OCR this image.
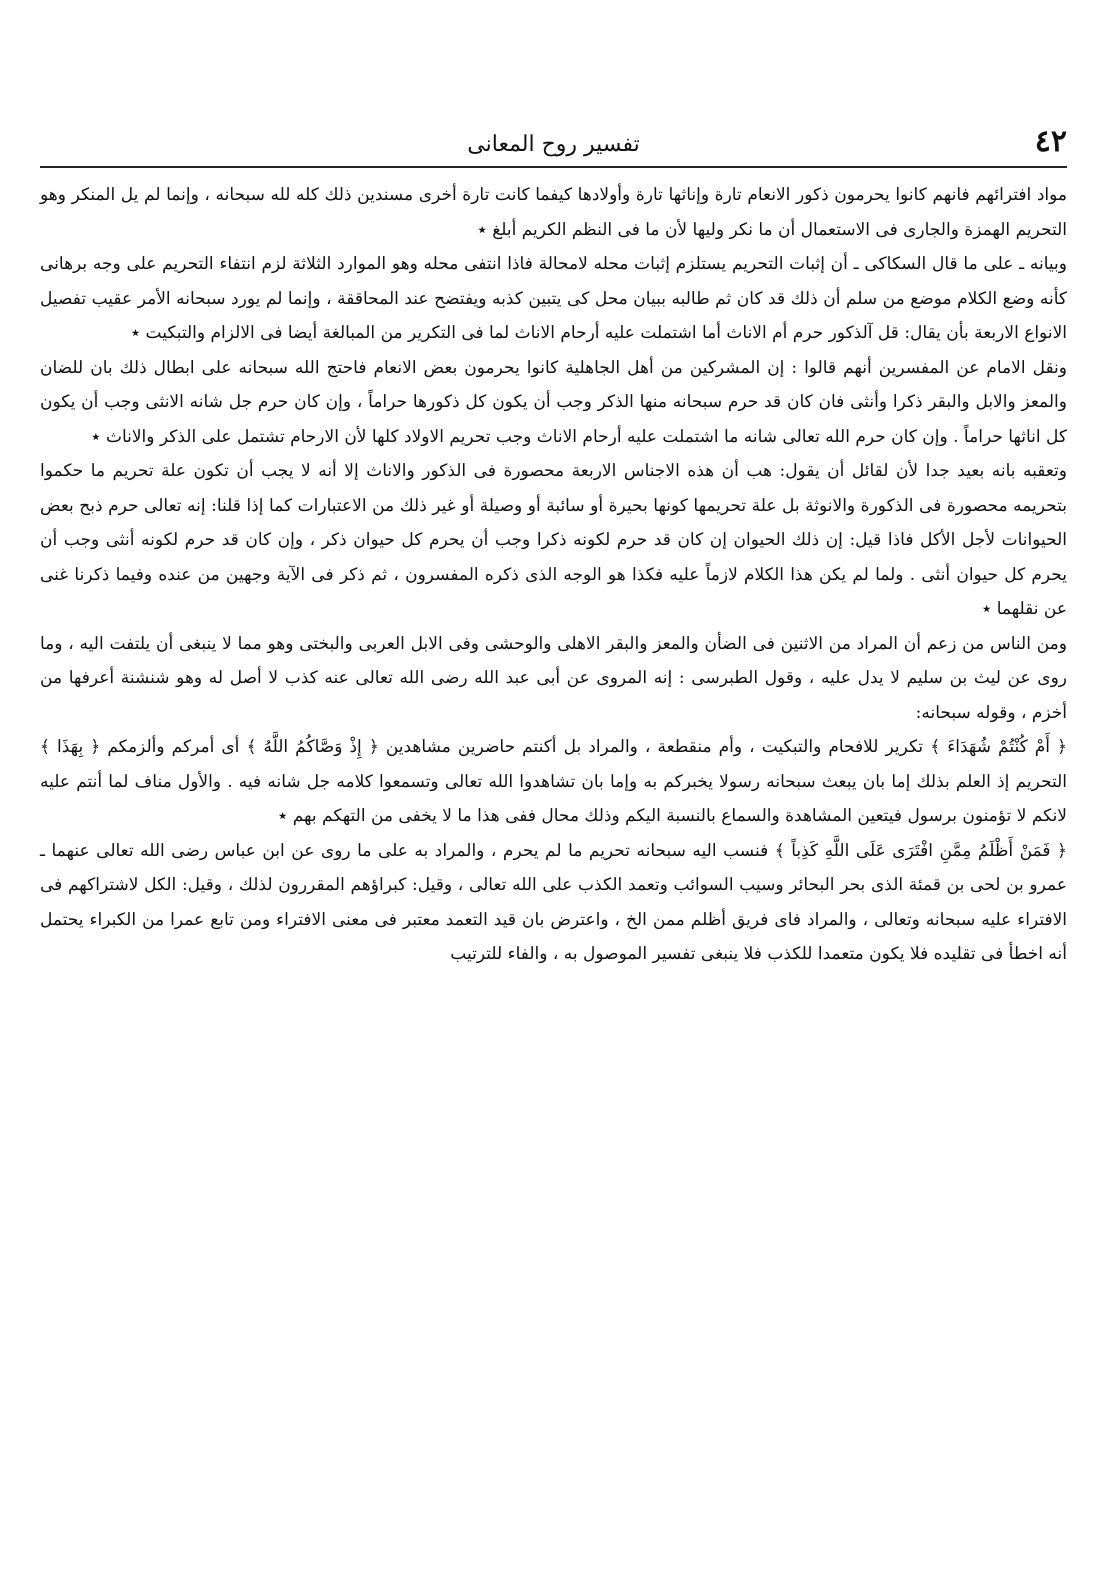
٤٢
تفسير روح المعانى

مواد افترائهم فانهم كانوا يحرمون ذكور الانعام تارة وإناثها تارة وأولادها كيفما كانت تارة أخرى مسندين ذلك كله لله سبحانه ، وإنما لم يل المنكر وهو التحريم الهمزة والجارى فى الاستعمال أن ما نكر وليها لأن ما فى النظم الكريم أبلغ ٭

وبيانه ـ على ما قال السكاكى ـ أن إثبات التحريم يستلزم إثبات محله لامحالة فاذا انتفى محله وهو الموارد الثلاثة لزم انتفاء التحريم على وجه برهانى كأنه وضع الكلام موضع من سلم أن ذلك قد كان ثم طالبه ببيان محل كى يتبين كذبه ويفتضح عند المحاققة ، وإنما لم يورد سبحانه الأمر عقيب تفصيل الانواع الاربعة بأن يقال: قل آلذكور حرم أم الاناث أما اشتملت عليه أرحام الاناث لما فى التكرير من المبالغة أيضا فى الالزام والتبكيت ٭

ونقل الامام عن المفسرين أنهم قالوا : إن المشركين من أهل الجاهلية كانوا يحرمون بعض الانعام فاحتج الله سبحانه على ابطال ذلك بان للضان والمعز والابل والبقر ذكرا وأنثى فان كان قد حرم سبحانه منها الذكر وجب أن يكون كل ذكورها حراماً ، وإن كان حرم جل شانه الانثى وجب أن يكون كل اناثها حراماً . وإن كان حرم الله تعالى شانه ما اشتملت عليه أرحام الاناث وجب تحريم الاولاد كلها لأن الارحام تشتمل على الذكر والاناث ٭

وتعقبه بانه بعيد جدا لأن لقائل أن يقول: هب أن هذه الاجناس الاربعة محصورة فى الذكور والاناث إلا أنه لا يجب أن تكون علة تحريم ما حكموا بتحريمه محصورة فى الذكورة والانوثة بل علة تحريمها كونها بحيرة أو سائبة أو وصيلة أو غير ذلك من الاعتبارات كما إذا قلنا: إنه تعالى حرم ذبح بعض الحيوانات لأجل الأكل فاذا قيل: إن ذلك الحيوان إن كان قد حرم لكونه ذكرا وجب أن يحرم كل حيوان ذكر ، وإن كان قد حرم لكونه أنثى وجب أن يحرم كل حيوان أنثى . ولما لم يكن هذا الكلام لازماً عليه فكذا هو الوجه الذى ذكره المفسرون ، ثم ذكر فى الآية وجهين من عنده وفيما ذكرنا غنى عن نقلهما ٭

ومن الناس من زعم أن المراد من الاثنين فى الضأن والمعز والبقر الاهلى والوحشى وفى الابل العربى والبختى وهو مما لا ينبغى أن يلتفت اليه ، وما روى عن ليث بن سليم لا يدل عليه ، وقول الطبرسى : إنه المروى عن أبى عبد الله رضى الله تعالى عنه كذب لا أصل له وهو شنشنة أعرفها من أخزم ، وقوله سبحانه:

﴿ أَمْ كُنْتُمْ شُهَدَاءَ ﴾ تكرير للافحام والتبكيت ، وأم منقطعة ، والمراد بل أكنتم حاضرين مشاهدين ﴿ إِذْ وَصَّاكُمُ اللَّهُ ﴾ أى أمركم وألزمكم ﴿ بِهَذَا ﴾ التحريم إذ العلم بذلك إما بان يبعث سبحانه رسولا يخبركم به وإما بان تشاهدوا الله تعالى وتسمعوا كلامه جل شانه فيه . والأول مناف لما أنتم عليه لانكم لا تؤمنون برسول فيتعين المشاهدة والسماع بالنسبة اليكم وذلك محال ففى هذا ما لا يخفى من التهكم بهم ٭

﴿ فَمَنْ أَظْلَمُ مِمَّنِ افْتَرَى عَلَى اللَّهِ كَذِباً ﴾ فنسب اليه سبحانه تحريم ما لم يحرم ، والمراد به على ما روى عن ابن عباس رضى الله تعالى عنهما ـ عمرو بن لحى بن قمئة الذى بحر البحائر وسيب السوائب وتعمد الكذب على الله تعالى ، وقيل: كبراؤهم المقررون لذلك ، وقيل: الكل لاشتراكهم فى الافتراء عليه سبحانه وتعالى ، والمراد فاى فريق أظلم ممن الخ ، واعترض بان قيد التعمد معتبر فى معنى الافتراء ومن تابع عمرا من الكبراء يحتمل أنه اخطأ فى تقليده فلا يكون متعمدا للكذب فلا ينبغى تفسير الموصول به ، والفاء للترتيب
